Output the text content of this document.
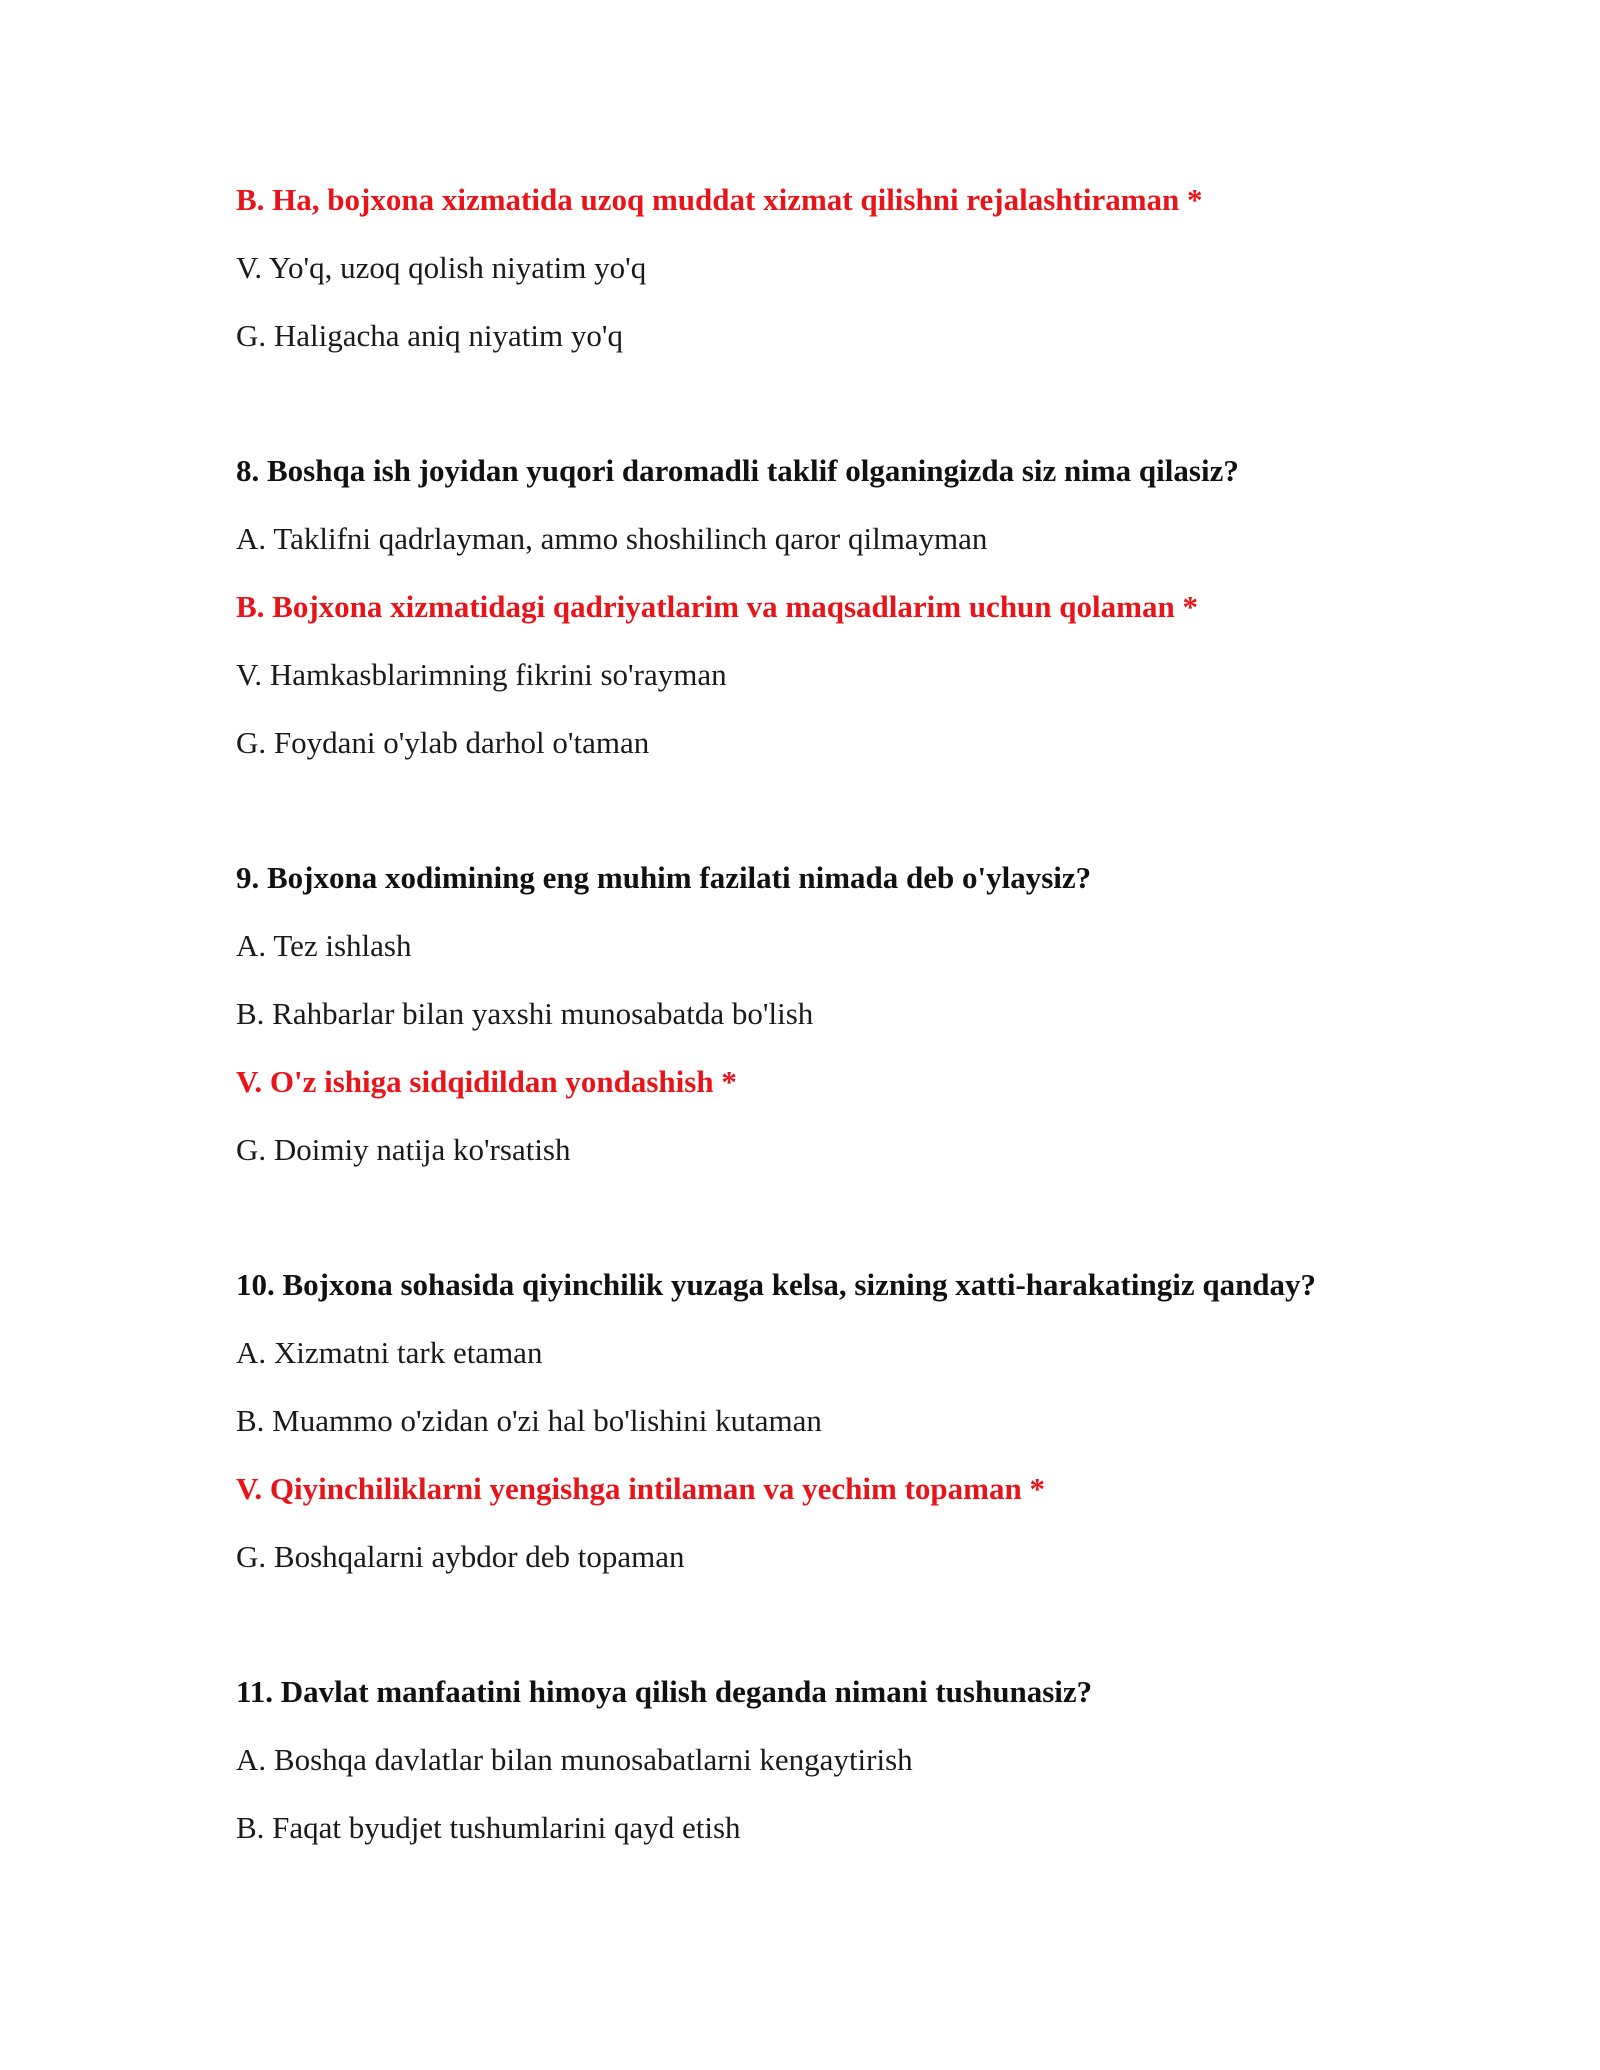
B. Ha, bojxona xizmatida uzoq muddat xizmat qilishni rejalashtiraman *
V. Yo'q, uzoq qolish niyatim yo'q
G. Haligacha aniq niyatim yo'q
8. Boshqa ish joyidan yuqori daromadli taklif olganingizda siz nima qilasiz?
A. Taklifni qadrlayman, ammo shoshilinch qaror qilmayman
B. Bojxona xizmatidagi qadriyatlarim va maqsadlarim uchun qolaman *
V. Hamkasblarimning fikrini so'rayman
G. Foydani o'ylab darhol o'taman
9. Bojxona xodimining eng muhim fazilati nimada deb o'ylaysiz?
A. Tez ishlash
B. Rahbarlar bilan yaxshi munosabatda bo'lish
V. O'z ishiga sidqidildan yondashish *
G. Doimiy natija ko'rsatish
10. Bojxona sohasida qiyinchilik yuzaga kelsa, sizning xatti-harakatingiz qanday?
A. Xizmatni tark etaman
B. Muammo o'zidan o'zi hal bo'lishini kutaman
V. Qiyinchiliklarni yengishga intilaman va yechim topaman *
G. Boshqalarni aybdor deb topaman
11. Davlat manfaatini himoya qilish deganda nimani tushunasiz?
A. Boshqa davlatlar bilan munosabatlarni kengaytirish
B. Faqat byudjet tushumlarini qayd etish
